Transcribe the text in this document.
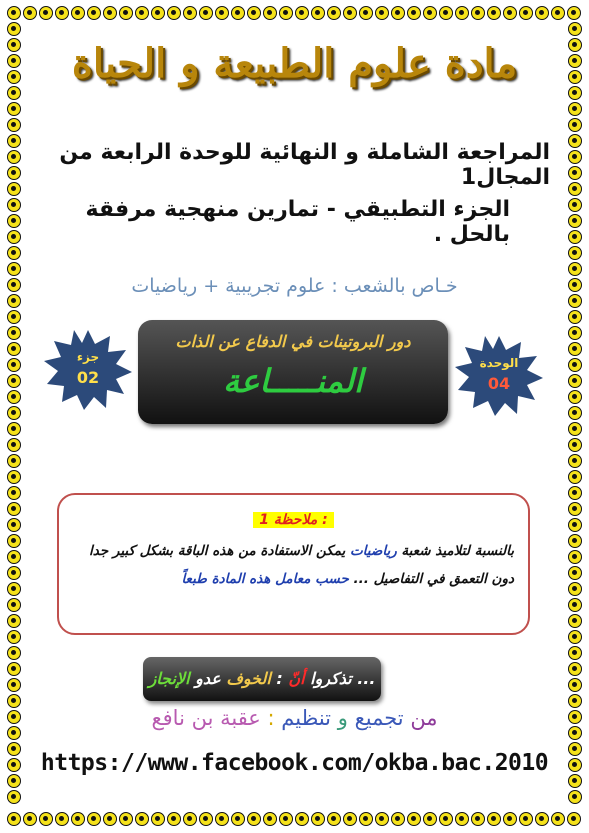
مادة علوم الطبيعة و الحياة
المراجعة الشاملة و النهائية للوحدة الرابعة من المجال1
الجزء التطبيقي - تمارين منهجية مرفقة بالحل .
خـاص بالشعب : علوم تجريبية + رياضيات
جزء
02
الوحدة
04
دور البروتينات في الدفاع عن الذات
المنـــــاعة
ملاحظة 1 :
بالنسبة لتلاميذ شعبة رياضيات يمكن الاستفادة من هذه الباقة بشكل كبير جدا دون التعمق في التفاصيل ... حسب معامل هذه المادة طبعاً
... تذكروا أنّ : الخوف عدو الإنجاز
من تجميع و تنظيم : عقبة بن نافع
https://www.facebook.com/okba.bac.2010
